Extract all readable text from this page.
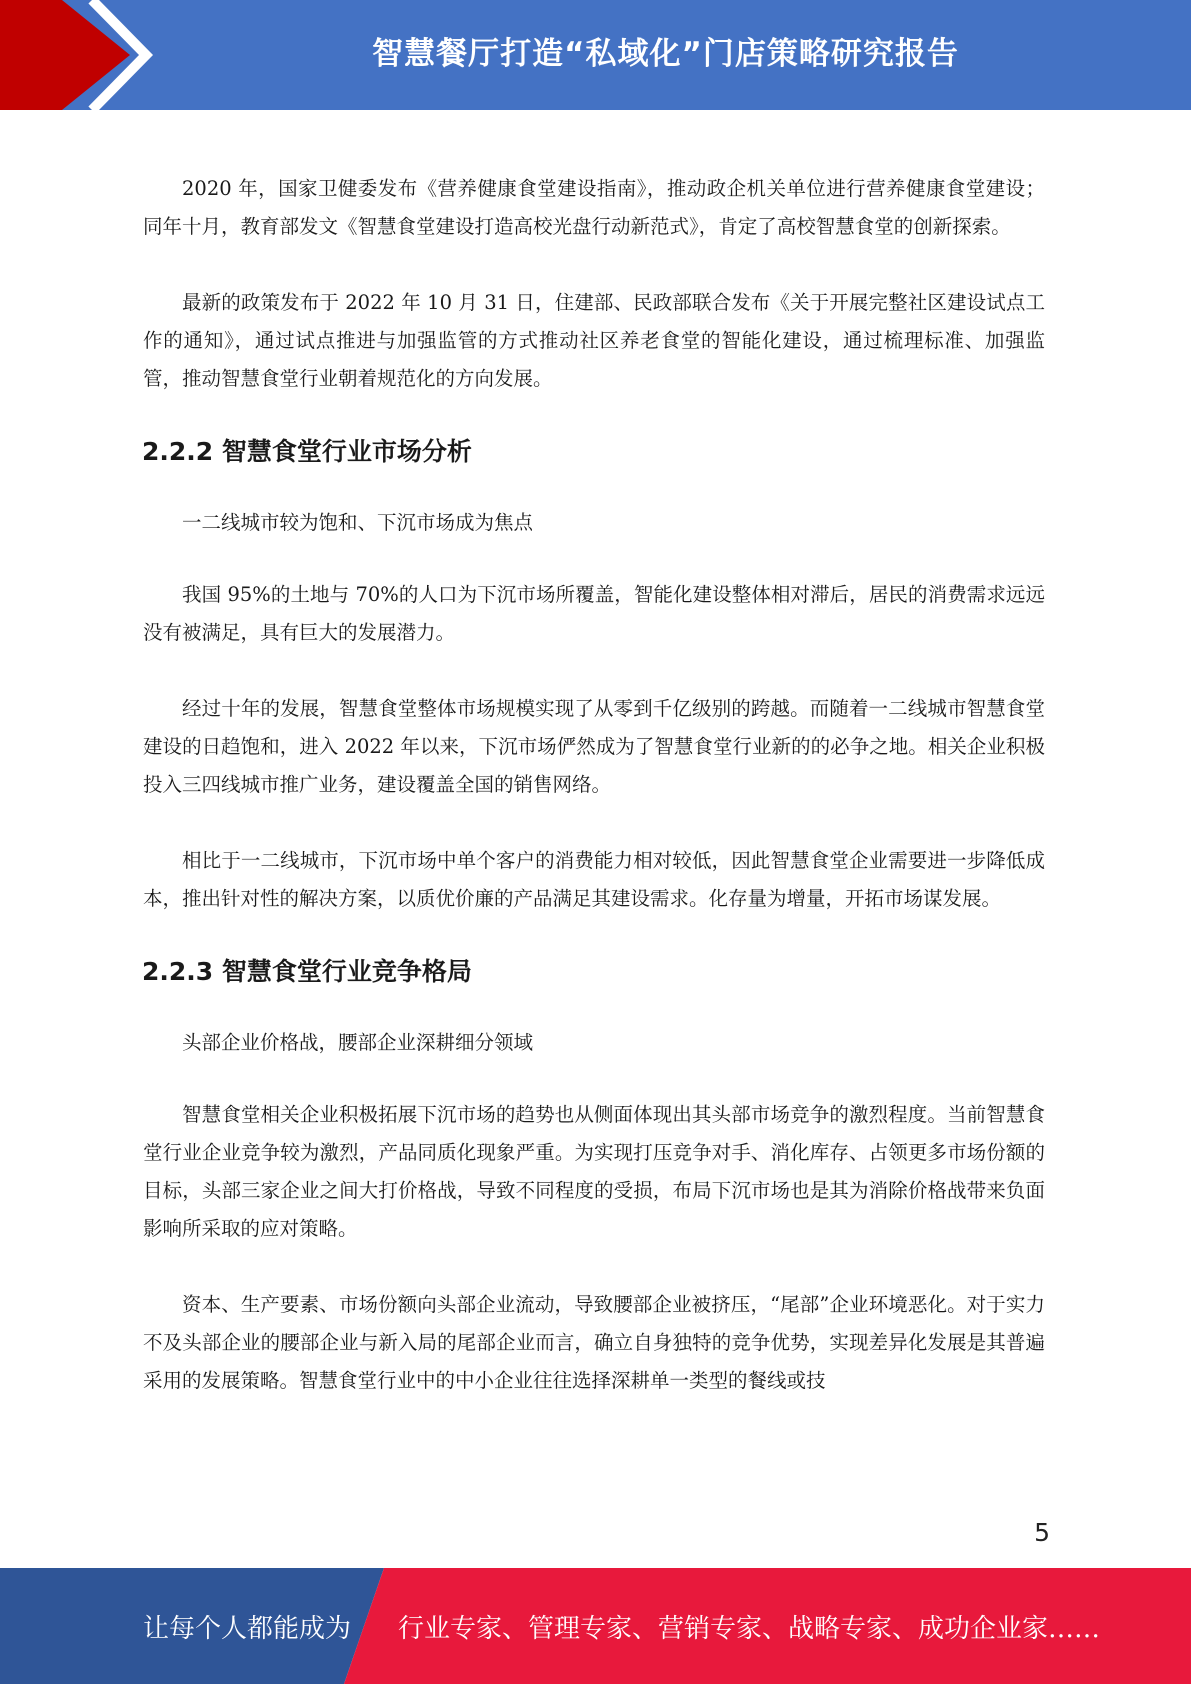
智慧餐厅打造“私域化”门店策略研究报告

2020 年，国家卫健委发布《营养健康食堂建设指南》，推动政企机关单位进行营养健康食堂建设；同年十月，教育部发文《智慧食堂建设打造高校光盘行动新范式》，肯定了高校智慧食堂的创新探索。

最新的政策发布于 2022 年 10 月 31 日，住建部、民政部联合发布《关于开展完整社区建设试点工作的通知》，通过试点推进与加强监管的方式推动社区养老食堂的智能化建设，通过梳理标准、加强监管，推动智慧食堂行业朝着规范化的方向发展。

2.2.2 智慧食堂行业市场分析

一二线城市较为饱和、下沉市场成为焦点

我国 95%的土地与 70%的人口为下沉市场所覆盖，智能化建设整体相对滞后，居民的消费需求远远没有被满足，具有巨大的发展潜力。

经过十年的发展，智慧食堂整体市场规模实现了从零到千亿级别的跨越。而随着一二线城市智慧食堂建设的日趋饱和，进入 2022 年以来，下沉市场俨然成为了智慧食堂行业新的的必争之地。相关企业积极投入三四线城市推广业务，建设覆盖全国的销售网络。

相比于一二线城市，下沉市场中单个客户的消费能力相对较低，因此智慧食堂企业需要进一步降低成本，推出针对性的解决方案，以质优价廉的产品满足其建设需求。化存量为增量，开拓市场谋发展。

2.2.3 智慧食堂行业竞争格局

头部企业价格战，腰部企业深耕细分领域

智慧食堂相关企业积极拓展下沉市场的趋势也从侧面体现出其头部市场竞争的激烈程度。当前智慧食堂行业企业竞争较为激烈，产品同质化现象严重。为实现打压竞争对手、消化库存、占领更多市场份额的目标，头部三家企业之间大打价格战，导致不同程度的受损，布局下沉市场也是其为消除价格战带来负面影响所采取的应对策略。

资本、生产要素、市场份额向头部企业流动，导致腰部企业被挤压，“尾部”企业环境恶化。对于实力不及头部企业的腰部企业与新入局的尾部企业而言，确立自身独特的竞争优势，实现差异化发展是其普遍采用的发展策略。智慧食堂行业中的中小企业往往选择深耕单一类型的餐线或技

5
让每个人都能成为 行业专家、管理专家、营销专家、战略专家、成功企业家……
